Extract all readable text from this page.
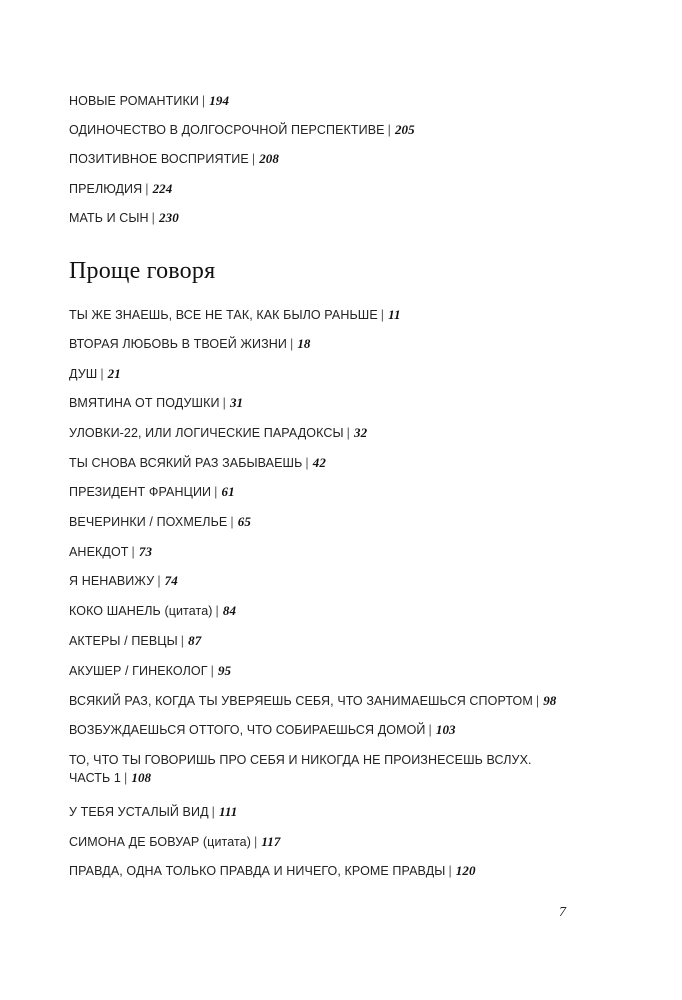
НОВЫЕ РОМАНТИКИ | 194
ОДИНОЧЕСТВО В ДОЛГОСРОЧНОЙ ПЕРСПЕКТИВЕ | 205
ПОЗИТИВНОЕ ВОСПРИЯТИЕ | 208
ПРЕЛЮДИЯ | 224
МАТЬ И СЫН | 230
Проще говоря
ТЫ ЖЕ ЗНАЕШЬ, ВСЕ НЕ ТАК, КАК БЫЛО РАНЬШЕ | 11
ВТОРАЯ ЛЮБОВЬ В ТВОЕЙ ЖИЗНИ | 18
ДУШ | 21
ВМЯТИНА ОТ ПОДУШКИ | 31
УЛОВКИ-22, ИЛИ ЛОГИЧЕСКИЕ ПАРАДОКСЫ | 32
ТЫ СНОВА ВСЯКИЙ РАЗ ЗАБЫВАЕШЬ | 42
ПРЕЗИДЕНТ ФРАНЦИИ | 61
ВЕЧЕРИНКИ / ПОХМЕЛЬЕ | 65
АНЕКДОТ | 73
Я НЕНАВИЖУ | 74
КОКО ШАНЕЛЬ (цитата) | 84
АКТЕРЫ / ПЕВЦЫ | 87
АКУШЕР / ГИНЕКОЛОГ | 95
ВСЯКИЙ РАЗ, КОГДА ТЫ УВЕРЯЕШЬ СЕБЯ, ЧТО ЗАНИМАЕШЬСЯ СПОРТОМ | 98
ВОЗБУЖДАЕШЬСЯ ОТТОГО, ЧТО СОБИРАЕШЬСЯ ДОМОЙ | 103
ТО, ЧТО ТЫ ГОВОРИШЬ ПРО СЕБЯ И НИКОГДА НЕ ПРОИЗНЕСЕШЬ ВСЛУХ.
ЧАСТЬ 1 | 108
У ТЕБЯ УСТАЛЫЙ ВИД | 111
СИМОНА ДЕ БОВУАР (цитата) | 117
ПРАВДА, ОДНА ТОЛЬКО ПРАВДА И НИЧЕГО, КРОМЕ ПРАВДЫ | 120
7
